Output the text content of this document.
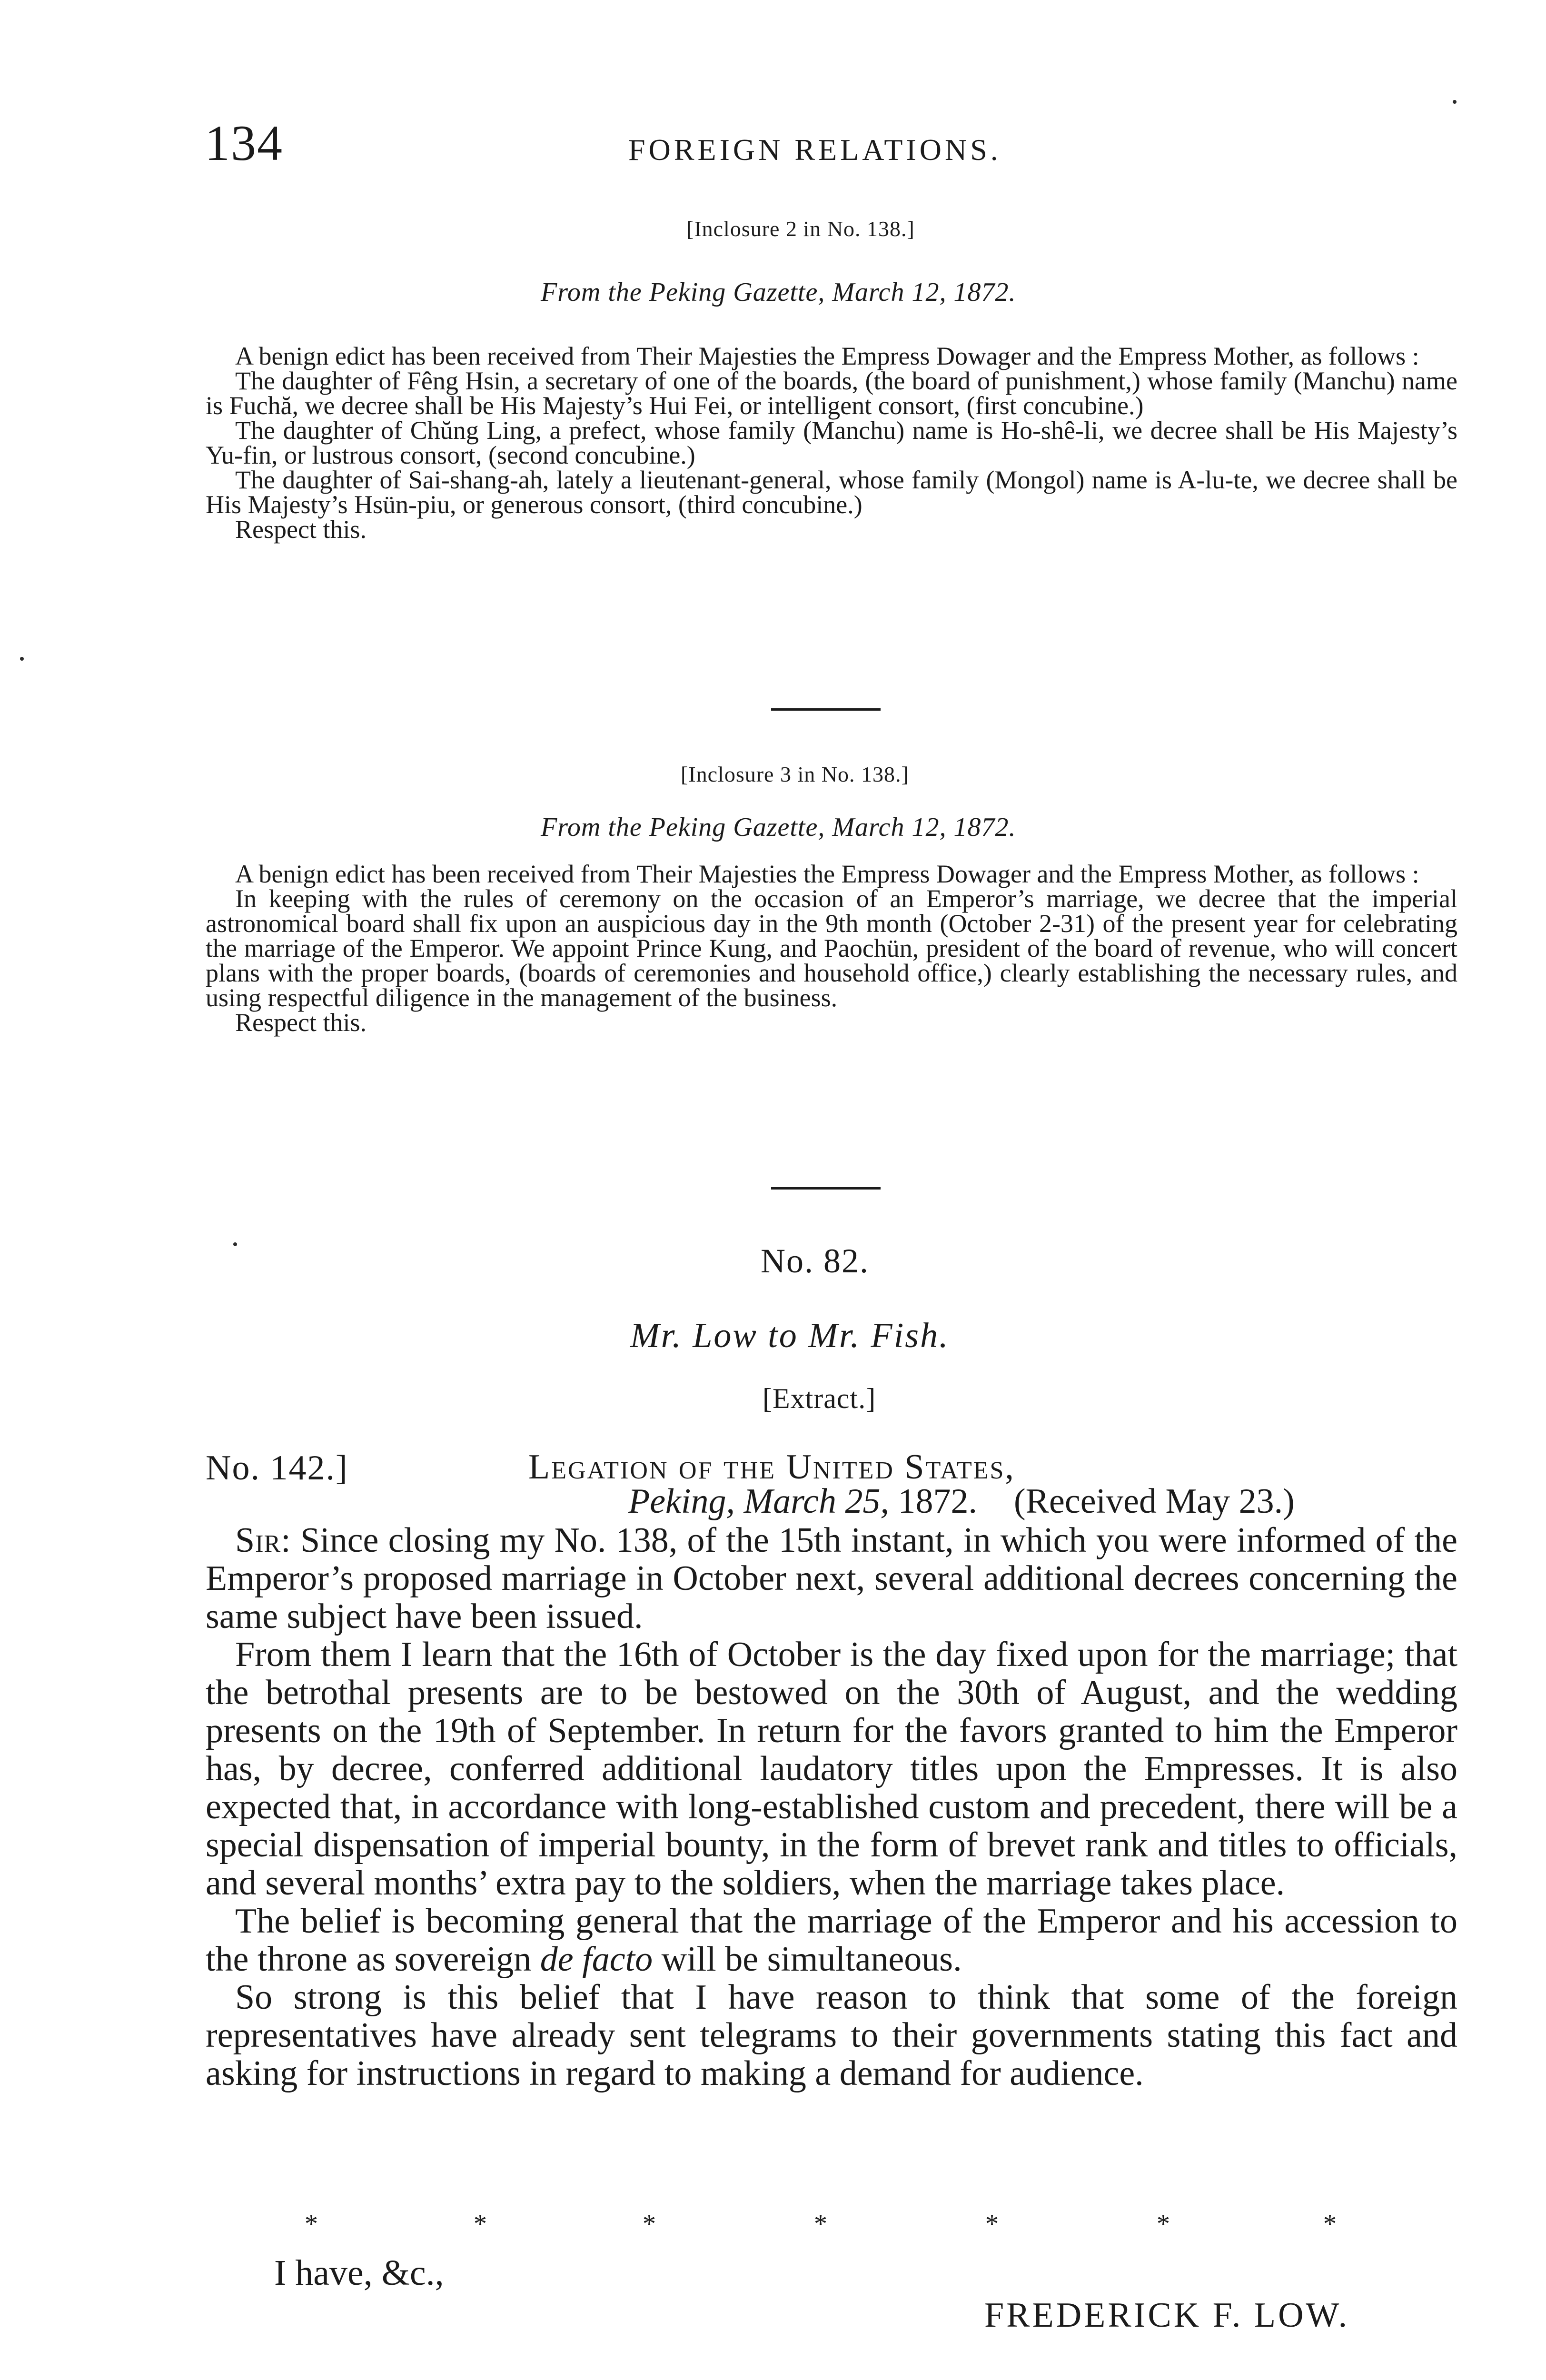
134	FOREIGN RELATIONS.
[Inclosure 2 in No. 138.]
From the Peking Gazette, March 12, 1872.

A benign edict has been received from Their Majesties the Empress Dowager and the Empress Mother, as follows :

The daughter of Fêng Hsin, a secretary of one of the boards, (the board of punishment,) whose family (Manchu) name is Fuchă, we decree shall be His Majesty’s Hui Fei, or intelligent consort, (first concubine.)

The daughter of Chŭng Ling, a prefect, whose family (Manchu) name is Ho-shê-li, we decree shall be His Majesty’s Yu-fin, or lustrous consort, (second concubine.)

The daughter of Sai-shang-ah, lately a lieutenant-general, whose family (Mongol) name is A-lu-te, we decree shall be His Majesty’s Hsün-piu, or generous consort, (third concubine.)

Respect this.

[Inclosure 3 in No. 138.]
From the Peking Gazette, March 12, 1872.

A benign edict has been received from Their Majesties the Empress Dowager and the Empress Mother, as follows :

In keeping with the rules of ceremony on the occasion of an Emperor’s marriage, we decree that the imperial astronomical board shall fix upon an auspicious day in the 9th month (October 2-31) of the present year for celebrating the marriage of the Emperor. We appoint Prince Kung, and Paochün, president of the board of revenue, who will concert plans with the proper boards, (boards of ceremonies and household office,) clearly establishing the necessary rules, and using respectful diligence in the management of the business.

Respect this.

No. 82.
Mr. Low to Mr. Fish.
[Extract.]
No. 142.]	Legation of the United States,
Peking, March 25, 1872. (Received May 23.)

Sir: Since closing my No. 138, of the 15th instant, in which you were informed of the Emperor’s proposed marriage in October next, several additional decrees concerning the same subject have been issued.

From them I learn that the 16th of October is the day fixed upon for the marriage; that the betrothal presents are to be bestowed on the 30th of August, and the wedding presents on the 19th of September. In return for the favors granted to him the Emperor has, by decree, conferred additional laudatory titles upon the Empresses. It is also expected that, in accordance with long-established custom and precedent, there will be a special dispensation of imperial bounty, in the form of brevet rank and titles to officials, and several months’ extra pay to the soldiers, when the marriage takes place.

The belief is becoming general that the marriage of the Emperor and his accession to the throne as sovereign de facto will be simultaneous.

So strong is this belief that I have reason to think that some of the foreign representatives have already sent telegrams to their governments stating this fact and asking for instructions in regard to making a demand for audience.

*	*	*	*	*	*	*
I have, &c.,
FREDERICK F. LOW.
